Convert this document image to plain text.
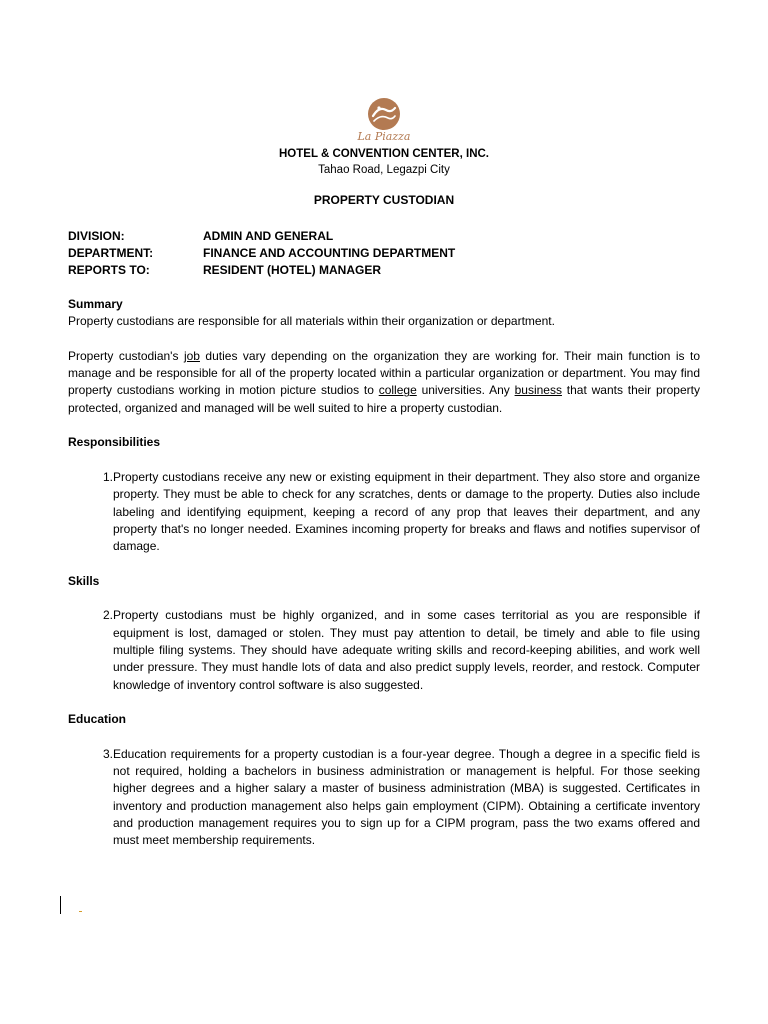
La Piazza
HOTEL & CONVENTION CENTER, INC.
Tahao Road, Legazpi City
PROPERTY CUSTODIAN
DIVISION:	ADMIN AND GENERAL
DEPARTMENT:	FINANCE AND ACCOUNTING DEPARTMENT
REPORTS TO:	RESIDENT (HOTEL) MANAGER

Summary

Property custodians are responsible for all materials within their organization or department.

Property custodian's job duties vary depending on the organization they are working for. Their main function is to manage and be responsible for all of the property located within a particular organization or department. You may find property custodians working in motion picture studios to college universities. Any business that wants their property protected, organized and managed will be well suited to hire a property custodian.

Responsibilities

1. Property custodians receive any new or existing equipment in their department. They also store and organize property. They must be able to check for any scratches, dents or damage to the property. Duties also include labeling and identifying equipment, keeping a record of any prop that leaves their department, and any property that's no longer needed. Examines incoming property for breaks and flaws and notifies supervisor of damage.

Skills

2. Property custodians must be highly organized, and in some cases territorial as you are responsible if equipment is lost, damaged or stolen. They must pay attention to detail, be timely and able to file using multiple filing systems. They should have adequate writing skills and record-keeping abilities, and work well under pressure. They must handle lots of data and also predict supply levels, reorder, and restock. Computer knowledge of inventory control software is also suggested.

Education

3. Education requirements for a property custodian is a four-year degree. Though a degree in a specific field is not required, holding a bachelors in business administration or management is helpful. For those seeking higher degrees and a higher salary a master of business administration (MBA) is suggested. Certificates in inventory and production management also helps gain employment (CIPM). Obtaining a certificate inventory and production management requires you to sign up for a CIPM program, pass the two exams offered and must meet membership requirements.
